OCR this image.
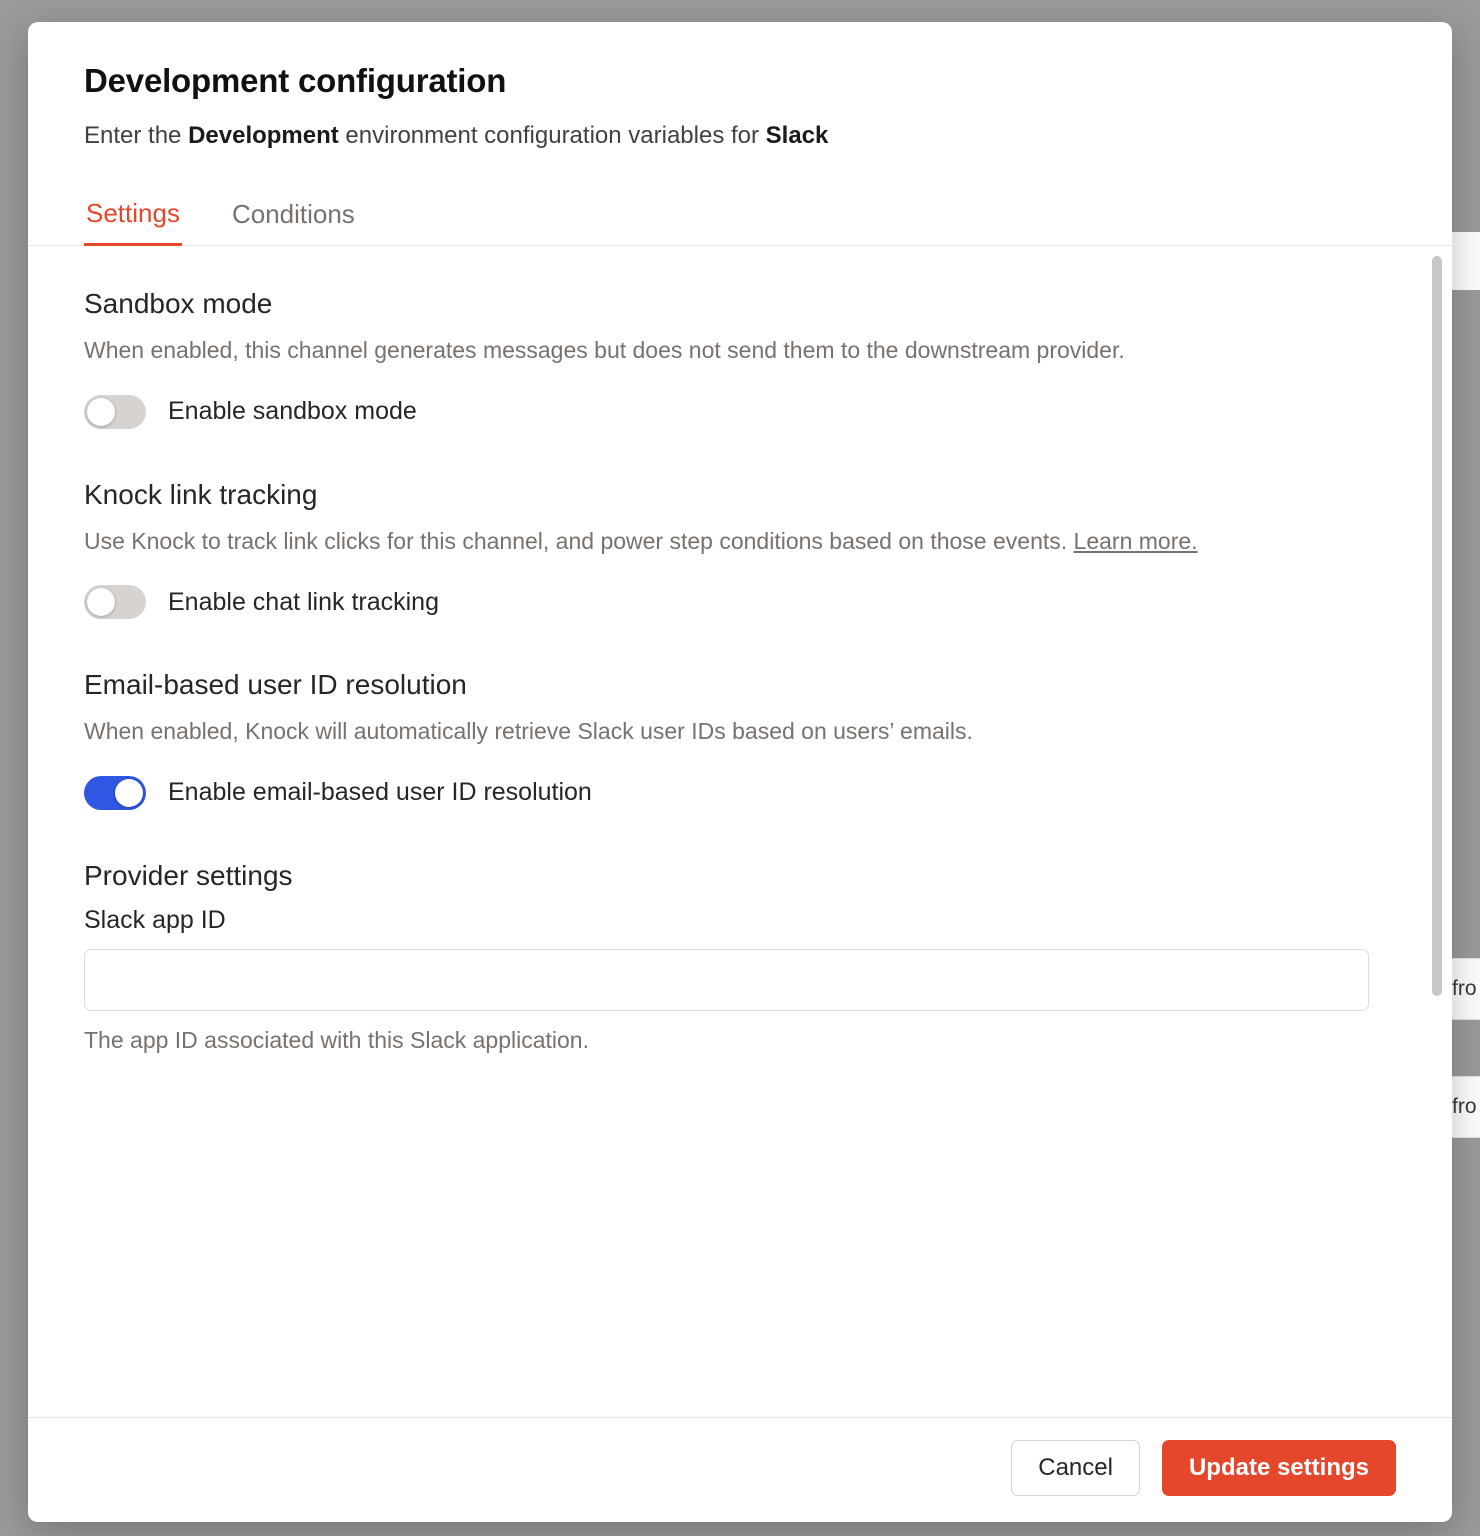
fro
fro
Development configuration

Enter the Development environment configuration variables for Slack

Settings Conditions
Sandbox mode

When enabled, this channel generates messages but does not send them to the downstream provider.

Enable sandbox mode
Knock link tracking

Use Knock to track link clicks for this channel, and power step conditions based on those events. Learn more.

Enable chat link tracking
Email-based user ID resolution

When enabled, Knock will automatically retrieve Slack user IDs based on users’ emails.

Enable email-based user ID resolution
Provider settings

Slack app ID

The app ID associated with this Slack application.

Cancel	Update settings
